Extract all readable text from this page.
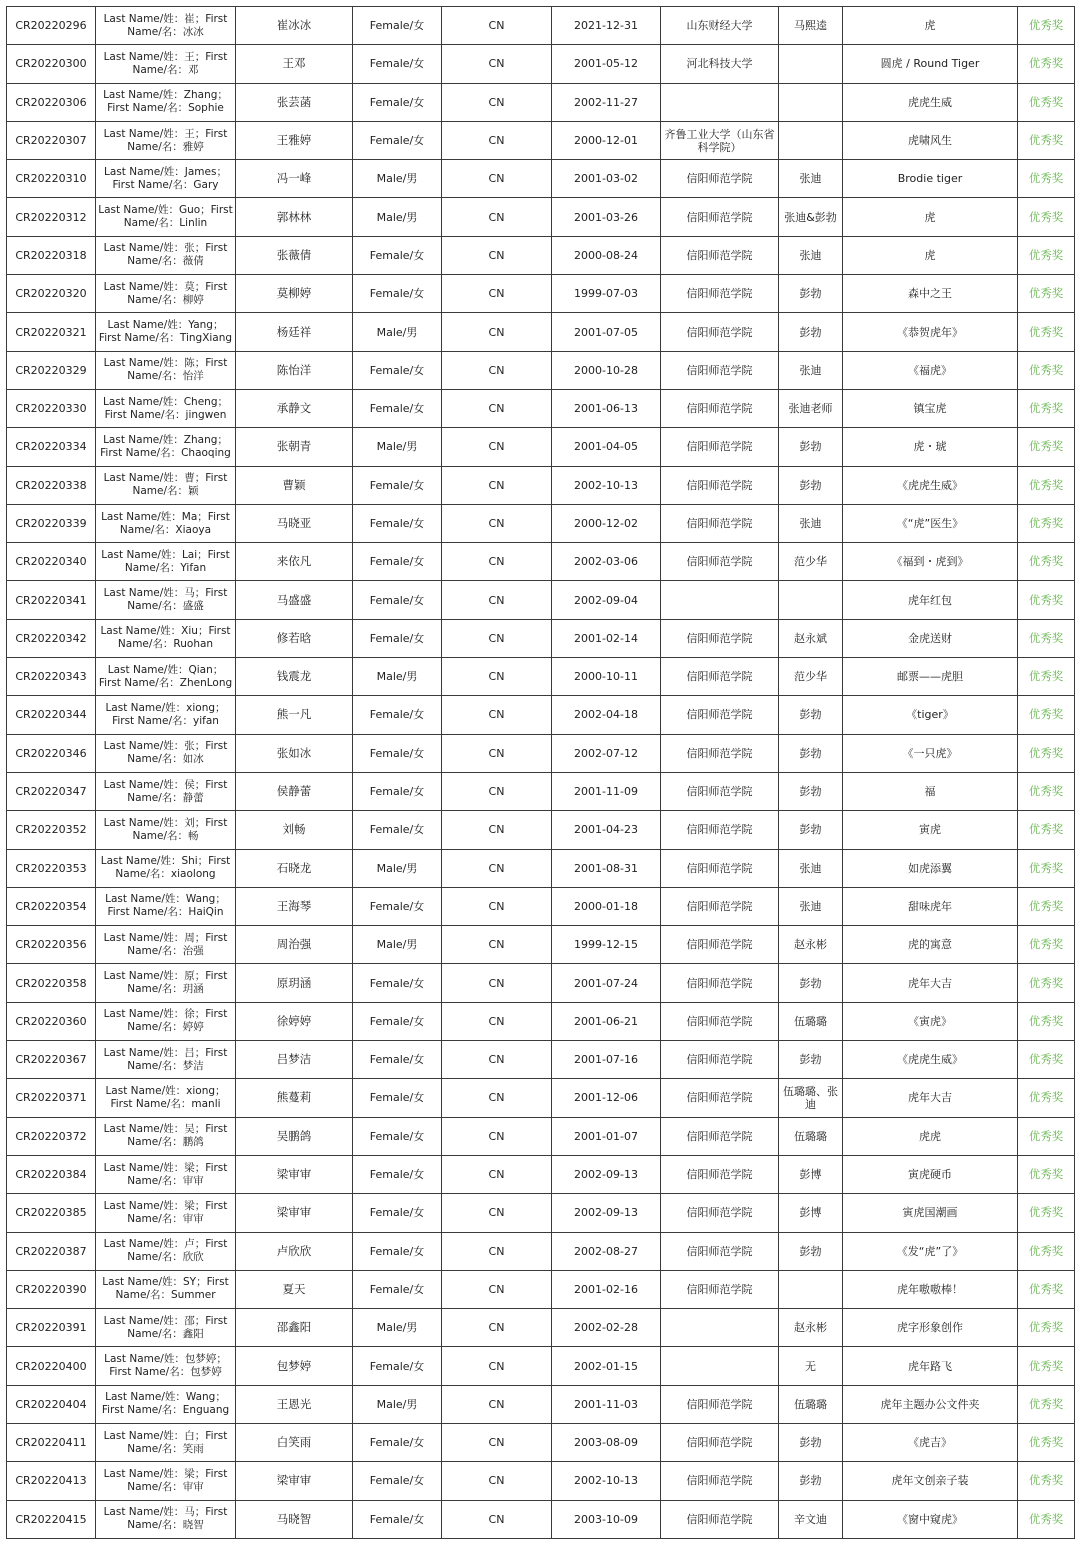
CR20220296	Last Name/姓：崔；First Name/名：冰冰	崔冰冰	Female/女	CN	2021-12-31	山东财经大学	马熙逵	虎	优秀奖
CR20220300	Last Name/姓：王；First Name/名：邓	王邓	Female/女	CN	2001-05-12	河北科技大学		圆虎 / Round Tiger	优秀奖
CR20220306	Last Name/姓：Zhang；First Name/名：Sophie	张芸菡	Female/女	CN	2002-11-27			虎虎生威	优秀奖
CR20220307	Last Name/姓：王；First Name/名：雅婷	王雅婷	Female/女	CN	2000-12-01	齐鲁工业大学（山东省科学院）		虎啸风生	优秀奖
CR20220310	Last Name/姓：James；First Name/名：Gary	冯一峰	Male/男	CN	2001-03-02	信阳师范学院	张迪	Brodie tiger	优秀奖
CR20220312	Last Name/姓：Guo；First Name/名：Linlin	郭林林	Male/男	CN	2001-03-26	信阳师范学院	张迪&彭勃	虎	优秀奖
CR20220318	Last Name/姓：张；First Name/名：薇倩	张薇倩	Female/女	CN	2000-08-24	信阳师范学院	张迪	虎	优秀奖
CR20220320	Last Name/姓：莫；First Name/名：柳婷	莫柳婷	Female/女	CN	1999-07-03	信阳师范学院	彭勃	森中之王	优秀奖
CR20220321	Last Name/姓：Yang；First Name/名：TingXiang	杨廷祥	Male/男	CN	2001-07-05	信阳师范学院	彭勃	《恭贺虎年》	优秀奖
CR20220329	Last Name/姓：陈；First Name/名：怡洋	陈怡洋	Female/女	CN	2000-10-28	信阳师范学院	张迪	《福虎》	优秀奖
CR20220330	Last Name/姓：Cheng；First Name/名：jingwen	承静文	Female/女	CN	2001-06-13	信阳师范学院	张迪老师	镇宝虎	优秀奖
CR20220334	Last Name/姓：Zhang；First Name/名：Chaoqing	张朝青	Male/男	CN	2001-04-05	信阳师范学院	彭勃	虎・琥	优秀奖
CR20220338	Last Name/姓：曹；First Name/名：颖	曹颖	Female/女	CN	2002-10-13	信阳师范学院	彭勃	《虎虎生威》	优秀奖
CR20220339	Last Name/姓：Ma；First Name/名：Xiaoya	马晓亚	Female/女	CN	2000-12-02	信阳师范学院	张迪	《“虎”医生》	优秀奖
CR20220340	Last Name/姓：Lai；First Name/名：Yifan	来依凡	Female/女	CN	2002-03-06	信阳师范学院	范少华	《福到・虎到》	优秀奖
CR20220341	Last Name/姓：马；First Name/名：盛盛	马盛盛	Female/女	CN	2002-09-04			虎年红包	优秀奖
CR20220342	Last Name/姓：Xiu；First Name/名：Ruohan	修若晗	Female/女	CN	2001-02-14	信阳师范学院	赵永斌	金虎送财	优秀奖
CR20220343	Last Name/姓：Qian；First Name/名：ZhenLong	钱震龙	Male/男	CN	2000-10-11	信阳师范学院	范少华	邮票——虎胆	优秀奖
CR20220344	Last Name/姓：xiong；First Name/名：yifan	熊一凡	Female/女	CN	2002-04-18	信阳师范学院	彭勃	《tiger》	优秀奖
CR20220346	Last Name/姓：张；First Name/名：如冰	张如冰	Female/女	CN	2002-07-12	信阳师范学院	彭勃	《一只虎》	优秀奖
CR20220347	Last Name/姓：侯；First Name/名：静蕾	侯静蕾	Female/女	CN	2001-11-09	信阳师范学院	彭勃	福	优秀奖
CR20220352	Last Name/姓：刘；First Name/名：畅	刘畅	Female/女	CN	2001-04-23	信阳师范学院	彭勃	寅虎	优秀奖
CR20220353	Last Name/姓：Shi；First Name/名：xiaolong	石晓龙	Male/男	CN	2001-08-31	信阳师范学院	张迪	如虎添翼	优秀奖
CR20220354	Last Name/姓：Wang；First Name/名：HaiQin	王海琴	Female/女	CN	2000-01-18	信阳师范学院	张迪	甜味虎年	优秀奖
CR20220356	Last Name/姓：周；First Name/名：治强	周治强	Male/男	CN	1999-12-15	信阳师范学院	赵永彬	虎的寓意	优秀奖
CR20220358	Last Name/姓：原；First Name/名：玥涵	原玥涵	Female/女	CN	2001-07-24	信阳师范学院	彭勃	虎年大吉	优秀奖
CR20220360	Last Name/姓：徐；First Name/名：婷婷	徐婷婷	Female/女	CN	2001-06-21	信阳师范学院	伍璐璐	《寅虎》	优秀奖
CR20220367	Last Name/姓：吕；First Name/名：梦洁	吕梦洁	Female/女	CN	2001-07-16	信阳师范学院	彭勃	《虎虎生威》	优秀奖
CR20220371	Last Name/姓：xiong；First Name/名：manli	熊蔓莉	Female/女	CN	2001-12-06	信阳师范学院	伍璐璐、张迪	虎年大吉	优秀奖
CR20220372	Last Name/姓：吴；First Name/名：鹏鸽	吴鹏鸽	Female/女	CN	2001-01-07	信阳师范学院	伍璐璐	虎虎	优秀奖
CR20220384	Last Name/姓：梁；First Name/名：审审	梁审审	Female/女	CN	2002-09-13	信阳师范学院	彭博	寅虎硬币	优秀奖
CR20220385	Last Name/姓：梁；First Name/名：审审	梁审审	Female/女	CN	2002-09-13	信阳师范学院	彭博	寅虎国潮画	优秀奖
CR20220387	Last Name/姓：卢；First Name/名：欣欣	卢欣欣	Female/女	CN	2002-08-27	信阳师范学院	彭勃	《发“虎”了》	优秀奖
CR20220390	Last Name/姓：SY；First Name/名：Summer	夏天	Female/女	CN	2001-02-16	信阳师范学院		虎年嗷嗷棒！	优秀奖
CR20220391	Last Name/姓：邵；First Name/名：鑫阳	邵鑫阳	Male/男	CN	2002-02-28		赵永彬	虎字形象创作	优秀奖
CR20220400	Last Name/姓：包梦婷；First Name/名：包梦婷	包梦婷	Female/女	CN	2002-01-15		无	虎年路飞	优秀奖
CR20220404	Last Name/姓：Wang；First Name/名：Enguang	王恩光	Male/男	CN	2001-11-03	信阳师范学院	伍璐璐	虎年主题办公文件夹	优秀奖
CR20220411	Last Name/姓：白；First Name/名：笑雨	白笑雨	Female/女	CN	2003-08-09	信阳师范学院	彭勃	《虎吉》	优秀奖
CR20220413	Last Name/姓：梁；First Name/名：审审	梁审审	Female/女	CN	2002-10-13	信阳师范学院	彭勃	虎年文创亲子装	优秀奖
CR20220415	Last Name/姓：马；First Name/名：晓智	马晓智	Female/女	CN	2003-10-09	信阳师范学院	辛文迪	《窗中窥虎》	优秀奖
